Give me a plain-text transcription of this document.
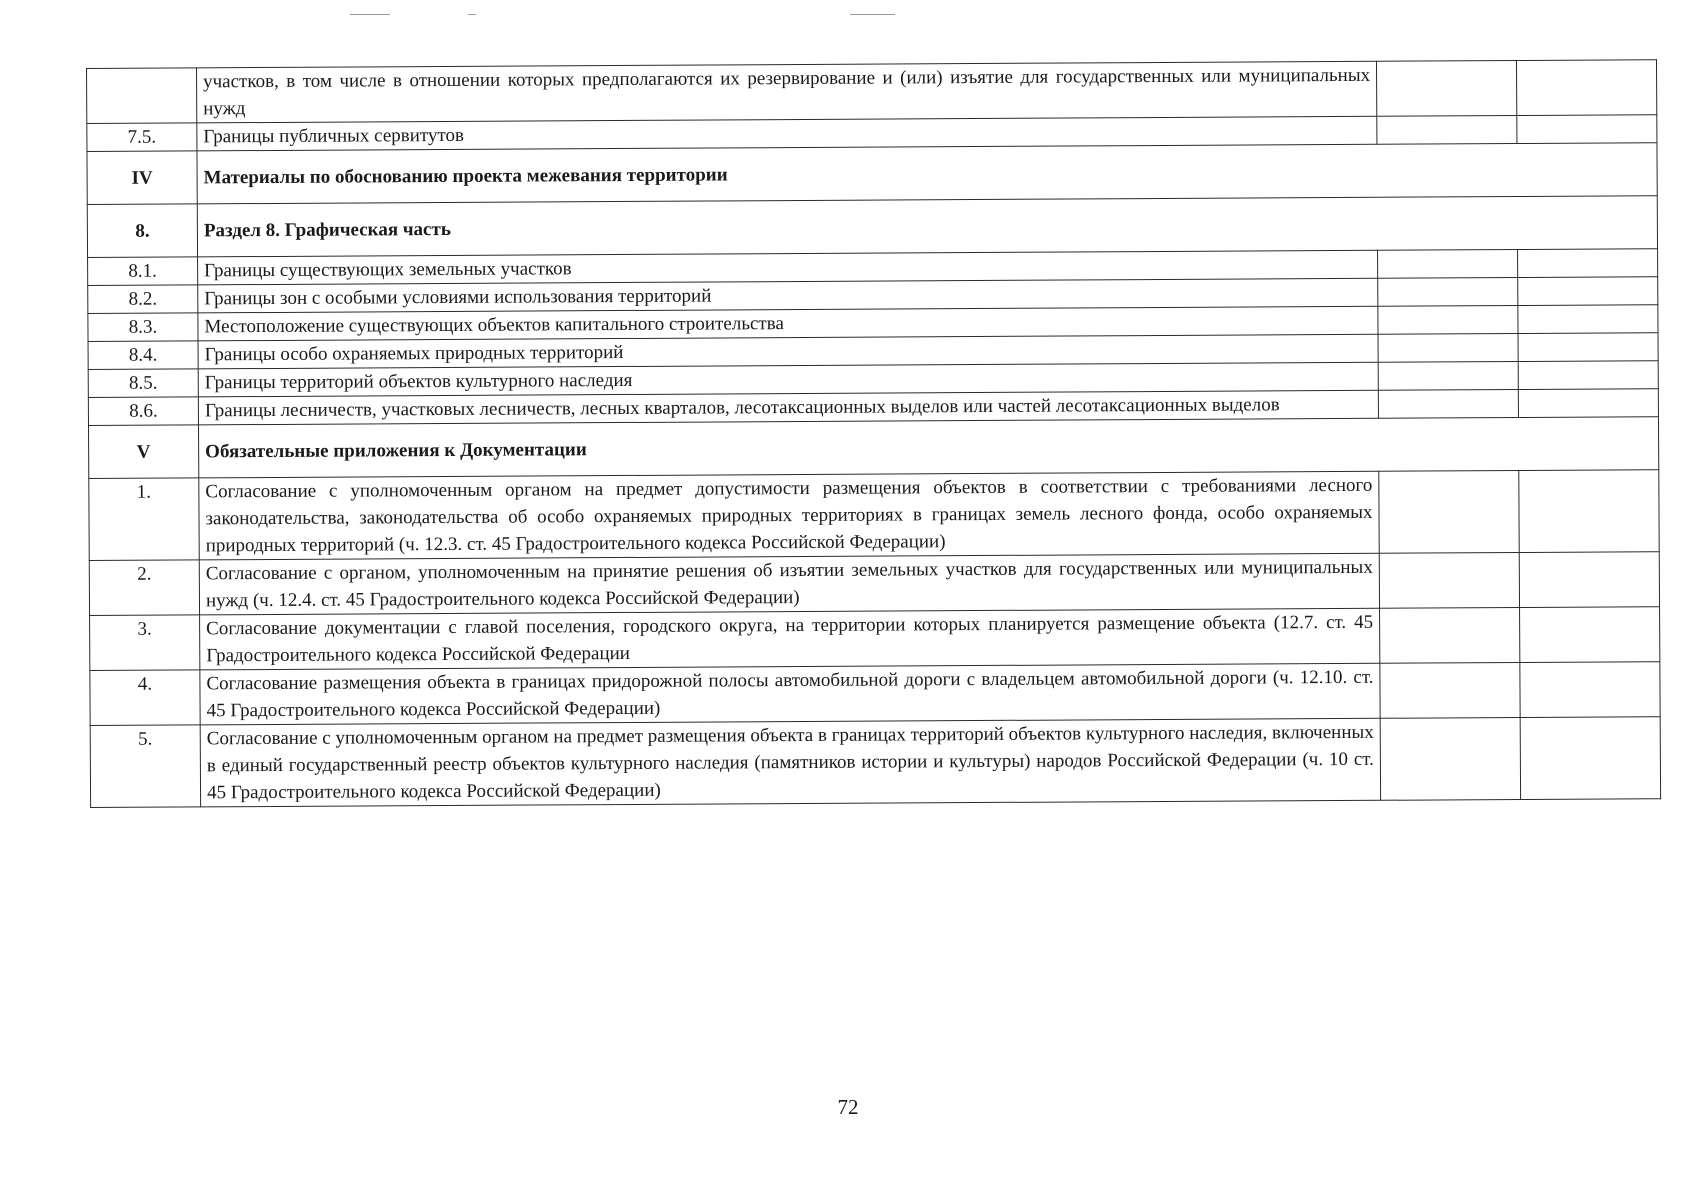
	участков, в том числе в отношении которых предполагаются их резервирование и (или) изъятие для государственных или муниципальных нужд		
7.5.	Границы публичных сервитутов		
IV	Материалы по обоснованию проекта межевания территории		
8.	Раздел 8. Графическая часть		
8.1.	Границы существующих земельных участков		
8.2.	Границы зон с особыми условиями использования территорий		
8.3.	Местоположение существующих объектов капитального строительства		
8.4.	Границы особо охраняемых природных территорий		
8.5.	Границы территорий объектов культурного наследия		
8.6.	Границы лесничеств, участковых лесничеств, лесных кварталов, лесотаксационных выделов или частей лесотаксационных выделов		
V	Обязательные приложения к Документации		
1.	Согласование с уполномоченным органом на предмет допустимости размещения объектов в соответствии с требованиями лесного законодательства, законодательства об особо охраняемых природных территориях в границах земель лесного фонда, особо охраняемых природных территорий (ч. 12.3. ст. 45 Градостроительного кодекса Российской Федерации)		
2.	Согласование с органом, уполномоченным на принятие решения об изъятии земельных участков для государственных или муниципальных нужд (ч. 12.4. ст. 45 Градостроительного кодекса Российской Федерации)		
3.	Согласование документации с главой поселения, городского округа, на территории которых планируется размещение объекта (12.7. ст. 45 Градостроительного кодекса Российской Федерации		
4.	Согласование размещения объекта в границах придорожной полосы автомобильной дороги с владельцем автомобильной дороги (ч. 12.10. ст. 45 Градостроительного кодекса Российской Федерации)		
5.	Согласование с уполномоченным органом на предмет размещения объекта в границах территорий объектов культурного наследия, включенных в единый государственный реестр объектов культурного наследия (памятников истории и культуры) народов Российской Федерации (ч. 10 ст. 45 Градостроительного кодекса Российской Федерации)		
72
